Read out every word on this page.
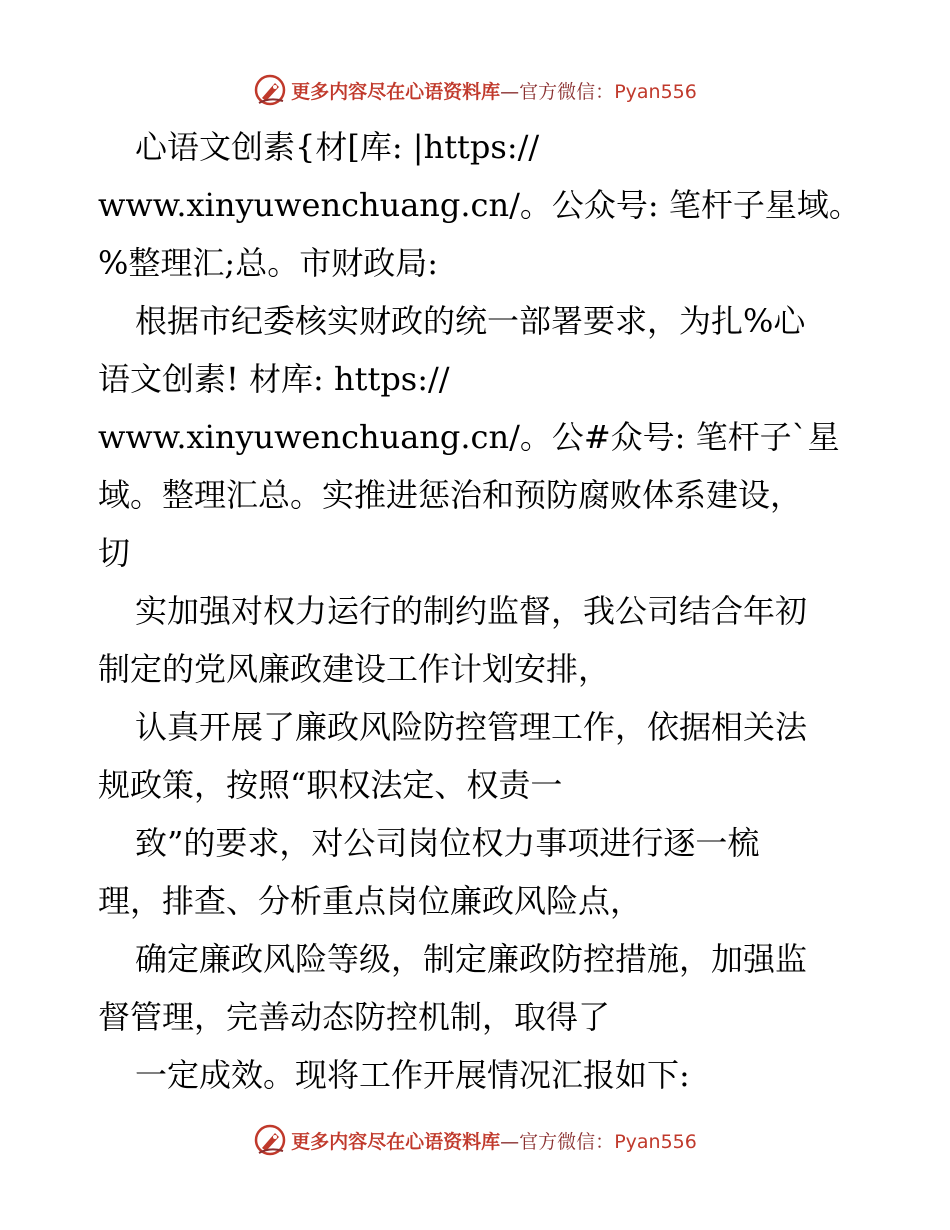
更多内容尽在心语资料库—官方微信：Pyan556
心语文创素{材[库: |https://
www.xinyuwenchuang.cn/。公众号: 笔杆子星域。
%整理汇;总。市财政局:
根据市纪委核实财政的统一部署要求，为扎%心
语文创素! 材库: https://
www.xinyuwenchuang.cn/。公#众号: 笔杆子`星
域。整理汇总。实推进惩治和预防腐败体系建设，
切
实加强对权力运行的制约监督，我公司结合年初
制定的党风廉政建设工作计划安排，
认真开展了廉政风险防控管理工作，依据相关法
规政策，按照“职权法定、权责一
致”的要求，对公司岗位权力事项进行逐一梳
理，排查、分析重点岗位廉政风险点，
确定廉政风险等级，制定廉政防控措施，加强监
督管理，完善动态防控机制，取得了
一定成效。现将工作开展情况汇报如下:
更多内容尽在心语资料库—官方微信：Pyan556
